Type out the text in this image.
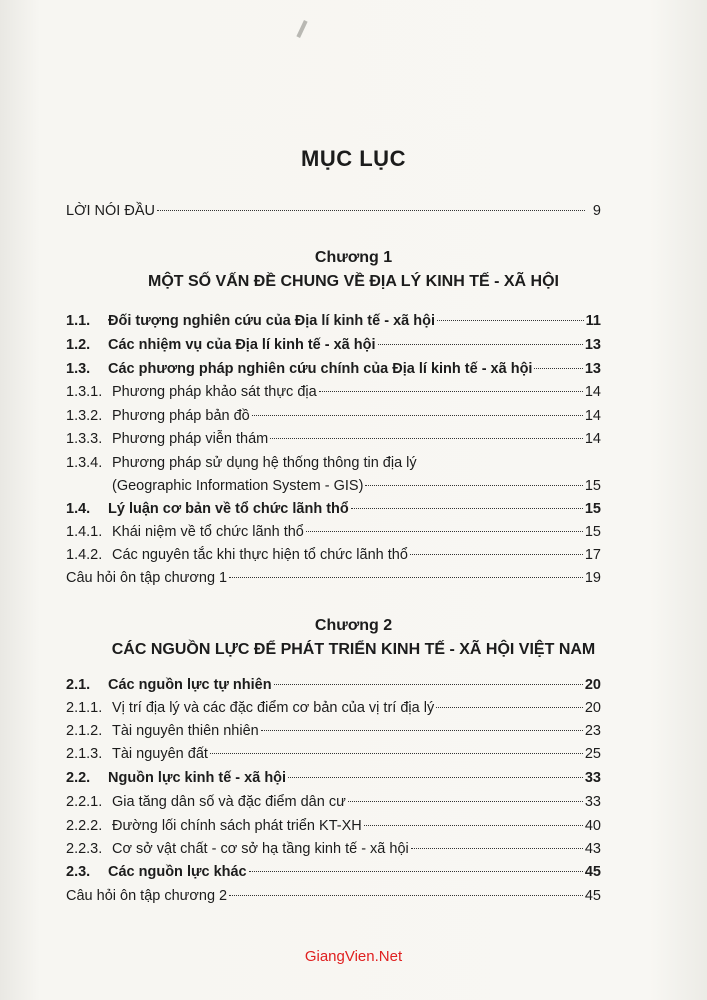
MỤC LỤC
LỜI NÓI ĐẦU	9
Chương 1
MỘT SỐ VẤN ĐỀ CHUNG VỀ ĐỊA LÝ KINH TẾ - XÃ HỘI
1.1.	Đối tượng nghiên cứu của Địa lí kinh tế - xã hội	11
1.2.	Các nhiệm vụ của Địa lí kinh tế - xã hội	13
1.3.	Các phương pháp nghiên cứu chính của Địa lí kinh tế - xã hội	13
1.3.1. Phương pháp khảo sát thực địa	14
1.3.2. Phương pháp bản đồ	14
1.3.3. Phương pháp viễn thám	14
1.3.4. Phương pháp sử dụng hệ thống thông tin địa lý
(Geographic Information System - GIS)	15
1.4.	Lý luận cơ bản về tổ chức lãnh thổ	15
1.4.1. Khái niệm về tổ chức lãnh thổ	15
1.4.2. Các nguyên tắc khi thực hiện tổ chức lãnh thổ	17
Câu hỏi ôn tập chương 1	19
Chương 2
CÁC NGUỒN LỰC ĐỂ PHÁT TRIỂN KINH TẾ - XÃ HỘI VIỆT NAM
2.1.	Các nguồn lực tự nhiên	20
2.1.1. Vị trí địa lý và các đặc điểm cơ bản của vị trí địa lý	20
2.1.2. Tài nguyên thiên nhiên	23
2.1.3. Tài nguyên đất	25
2.2.	Nguồn lực kinh tế - xã hội	33
2.2.1. Gia tăng dân số và đặc điểm dân cư	33
2.2.2. Đường lối chính sách phát triển KT-XH	40
2.2.3. Cơ sở vật chất - cơ sở hạ tầng kinh tế - xã hội	43
2.3.	Các nguồn lực khác	45
Câu hỏi ôn tập chương 2	45
GiangVien.Net
